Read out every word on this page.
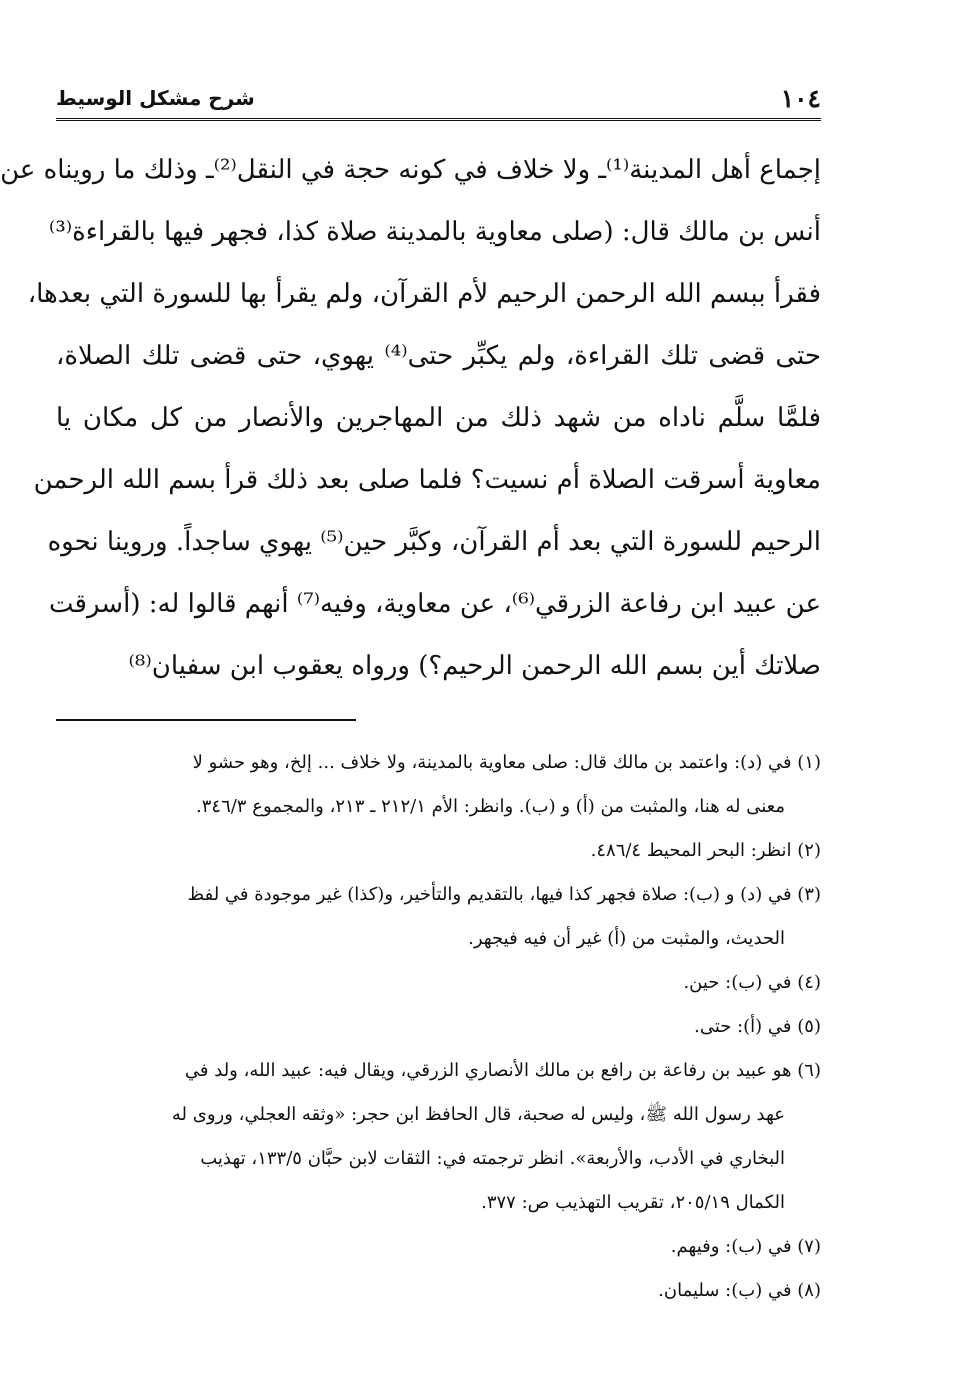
١٠٤
شرح مشكل الوسيط
إجماع أهل المدينة⁽¹⁾ـ ولا خلاف في كونه حجة في النقل⁽²⁾ـ وذلك ما رويناه عن
أنس بن مالك قال: (صلى معاوية بالمدينة صلاة كذا، فجهر فيها بالقراءة⁽³⁾
فقرأ ببسم الله الرحمن الرحيم لأم القرآن، ولم يقرأ بها للسورة التي بعدها،
حتى قضى تلك القراءة، ولم يكبِّر حتى⁽⁴⁾ يهوي، حتى قضى تلك الصلاة،
فلمَّا سلَّم ناداه من شهد ذلك من المهاجرين والأنصار من كل مكان يا
معاوية أسرقت الصلاة أم نسيت؟ فلما صلى بعد ذلك قرأ بسم الله الرحمن
الرحيم للسورة التي بعد أم القرآن، وكبَّر حين⁽⁵⁾ يهوي ساجداً. وروينا نحوه
عن عبيد ابن رفاعة الزرقي⁽⁶⁾، عن معاوية، وفيه⁽⁷⁾ أنهم قالوا له: (أسرقت
صلاتك أين بسم الله الرحمن الرحيم؟) ورواه يعقوب ابن سفيان⁽⁸⁾
(١) في (د): واعتمد بن مالك قال: صلى معاوية بالمدينة، ولا خلاف ... إلخ، وهو حشو لا
معنى له هنا، والمثبت من (أ) و (ب). وانظر: الأم ٢١٢/١ ـ ٢١٣، والمجموع ٣٤٦/٣.
(٢) انظر: البحر المحيط ٤٨٦/٤.
(٣) في (د) و (ب): صلاة فجهر كذا فيها، بالتقديم والتأخير، و(كذا) غير موجودة في لفظ
الحديث، والمثبت من (أ) غير أن فيه فيجهر.
(٤) في (ب): حين.
(٥) في (أ): حتى.
(٦) هو عبيد بن رفاعة بن رافع بن مالك الأنصاري الزرقي، ويقال فيه: عبيد الله، ولد في
عهد رسول الله ﷺ، وليس له صحبة، قال الحافظ ابن حجر: «وثقه العجلي، وروى له
البخاري في الأدب، والأربعة». انظر ترجمته في: الثقات لابن حبَّان ١٣٣/٥، تهذيب
الكمال ٢٠٥/١٩، تقريب التهذيب ص: ٣٧٧.
(٧) في (ب): وفيهم.
(٨) في (ب): سليمان.
